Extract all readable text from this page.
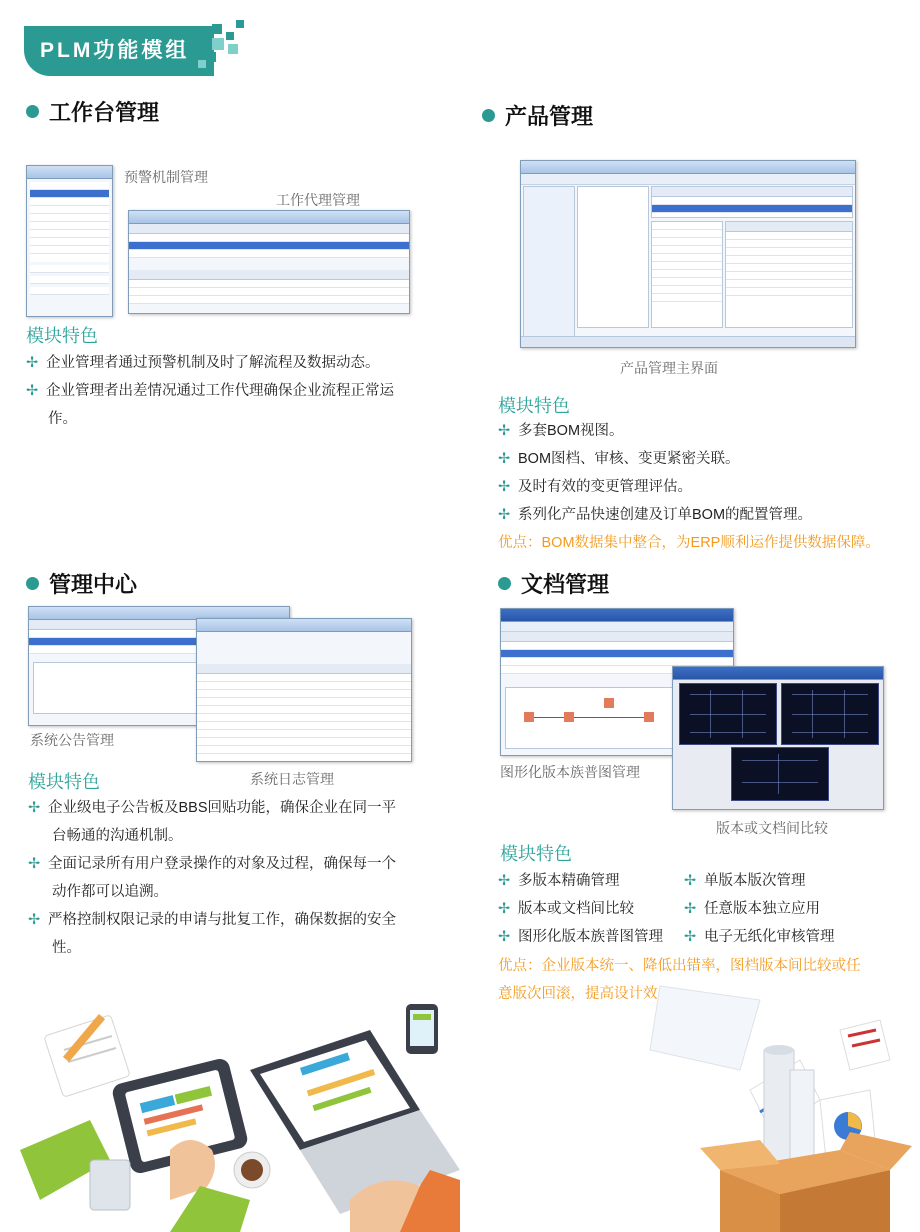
PLM功能模组
工作台管理
预警机制管理
工作代理管理
模块特色
✢ 企业管理者通过预警机制及时了解流程及数据动态。
✢ 企业管理者出差情况通过工作代理确保企业流程正常运
作。
产品管理
产品管理主界面
模块特色
✢ 多套BOM视图。
✢ BOM图档、审核、变更紧密关联。
✢ 及时有效的变更管理评估。
✢ 系列化产品快速创建及订单BOM的配置管理。
优点：BOM数据集中整合，为ERP顺利运作提供数据保障。
管理中心
系统公告管理
系统日志管理
模块特色
✢ 企业级电子公告板及BBS回贴功能，确保企业在同一平
台畅通的沟通机制。
✢ 全面记录所有用户登录操作的对象及过程，确保每一个
动作都可以追溯。
✢ 严格控制权限记录的申请与批复工作，确保数据的安全
性。
文档管理
图形化版本族普图管理
版本或文档间比较
模块特色
✢ 多版本精确管理
✢ 版本或文档间比较
✢ 图形化版本族普图管理
✢ 单版本版次管理
✢ 任意版本独立应用
✢ 电子无纸化审核管理
优点：企业版本统一、降低出错率，图档版本间比较或任
意版次回滚，提高设计效
